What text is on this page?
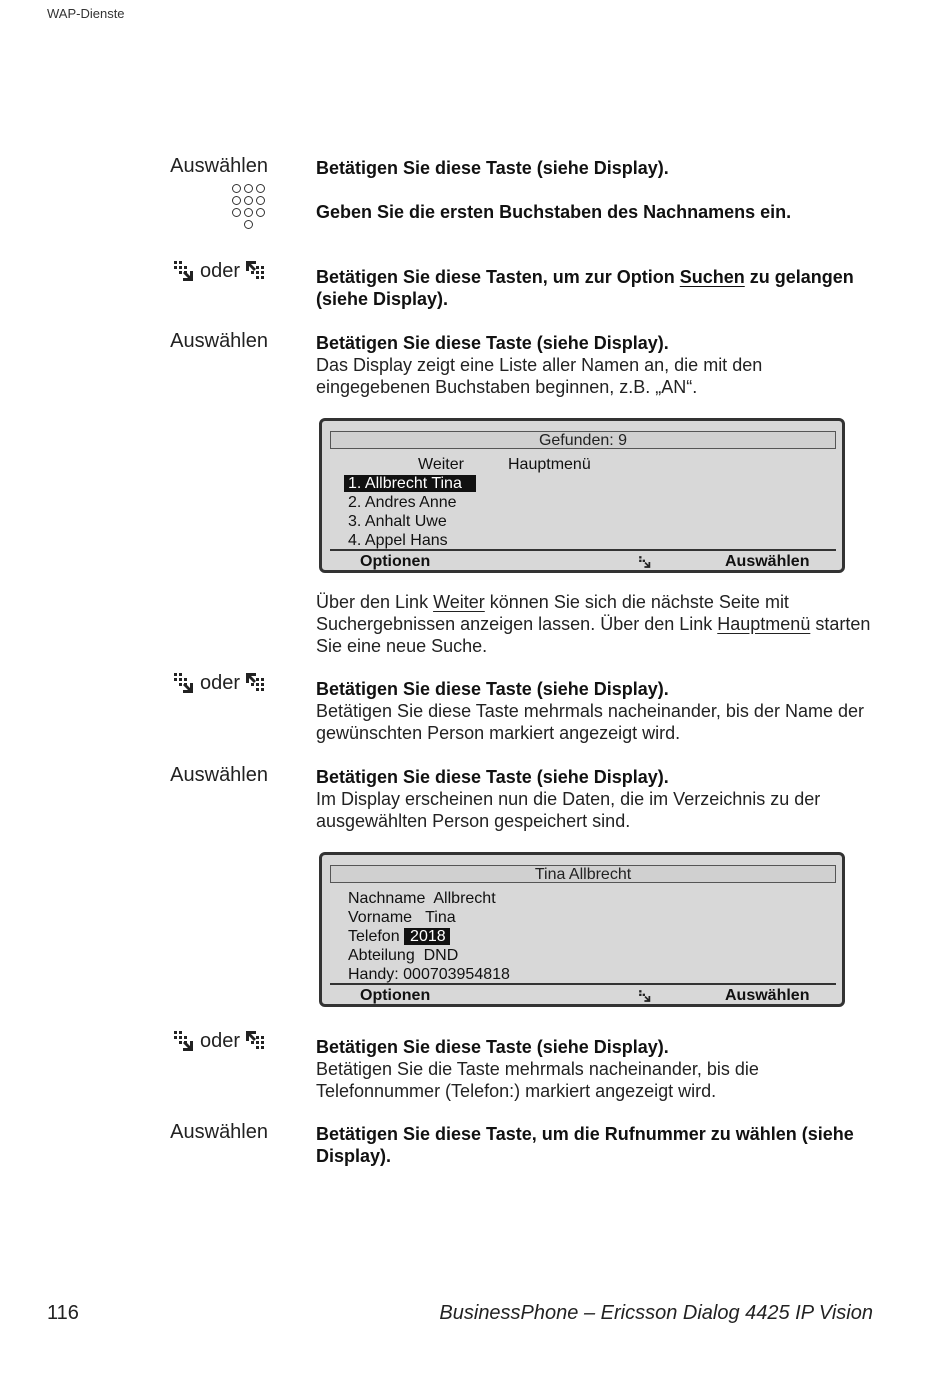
WAP-Dienste
Auswählen	Betätigen Sie diese Taste (siehe Display).
Geben Sie die ersten Buchstaben des Nachnamens ein.
oder	Betätigen Sie diese Tasten, um zur Option Suchen zu gelangen (siehe Display).
Auswählen	Betätigen Sie diese Taste (siehe Display).
Das Display zeigt eine Liste aller Namen an, die mit den eingegebenen Buchstaben beginnen, z.B. „AN“.
Gefunden: 9
Weiter	Hauptmenü
1. Allbrecht Tina
2. Andres Anne
3. Anhalt Uwe
4. Appel Hans
Optionen	Auswählen
Über den Link Weiter können Sie sich die nächste Seite mit Suchergebnissen anzeigen lassen. Über den Link Hauptmenü starten Sie eine neue Suche.
oder	Betätigen Sie diese Taste (siehe Display).
Betätigen Sie diese Taste mehrmals nacheinander, bis der Name der gewünschten Person markiert angezeigt wird.
Auswählen	Betätigen Sie diese Taste (siehe Display).
Im Display erscheinen nun die Daten, die im Verzeichnis zu der ausgewählten Person gespeichert sind.
Tina Allbrecht
Nachname  Allbrecht
Vorname   Tina
Telefon 2018
Abteilung  DND
Handy: 000703954818
Optionen	Auswählen
oder	Betätigen Sie diese Taste (siehe Display).
Betätigen Sie die Taste mehrmals nacheinander, bis die Telefonnummer (Telefon:) markiert angezeigt wird.
Auswählen	Betätigen Sie diese Taste, um die Rufnummer zu wählen (siehe Display).
116	BusinessPhone – Ericsson Dialog 4425 IP Vision
